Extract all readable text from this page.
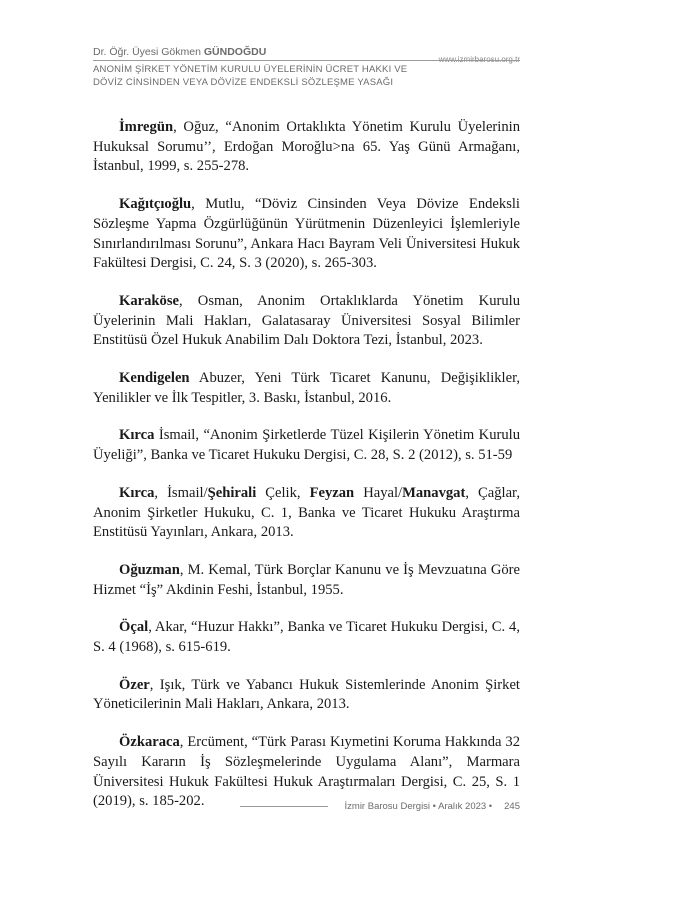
Dr. Öğr. Üyesi Gökmen GÜNDOĞDU
www.izmirbarosu.org.tr
ANONİM ŞİRKET YÖNETİM KURULU ÜYELERİNİN ÜCRET HAKKI VE
DÖVİZ CİNSİNDEN VEYA DÖVİZE ENDEKSLİ SÖZLEŞME YASAĞI

İmregün, Oğuz, “Anonim Ortaklıkta Yönetim Kurulu Üyelerinin Hukuksal Sorumu’’, Erdoğan Moroğlu>na 65. Yaş Günü Armağanı, İstanbul, 1999, s. 255-278.

Kağıtçıoğlu, Mutlu, “Döviz Cinsinden Veya Dövize Endeksli Sözleşme Yapma Özgürlüğünün Yürütmenin Düzenleyici İşlemleriyle Sınırlandırılması Sorunu”, Ankara Hacı Bayram Veli Üniversitesi Hukuk Fakültesi Dergisi, C. 24, S. 3 (2020), s. 265-303.

Karaköse, Osman, Anonim Ortaklıklarda Yönetim Kurulu Üyelerinin Mali Hakları, Galatasaray Üniversitesi Sosyal Bilimler Enstitüsü Özel Hukuk Anabilim Dalı Doktora Tezi, İstanbul, 2023.

Kendigelen Abuzer, Yeni Türk Ticaret Kanunu, Değişiklikler, Yenilikler ve İlk Tespitler, 3. Baskı, İstanbul, 2016.

Kırca İsmail, “Anonim Şirketlerde Tüzel Kişilerin Yönetim Kurulu Üyeliği”, Banka ve Ticaret Hukuku Dergisi, C. 28, S. 2 (2012), s. 51-59

Kırca, İsmail/Şehirali Çelik, Feyzan Hayal/Manavgat, Çağlar, Anonim Şirketler Hukuku, C. 1, Banka ve Ticaret Hukuku Araştırma Enstitüsü Yayınları, Ankara, 2013.

Oğuzman, M. Kemal, Türk Borçlar Kanunu ve İş Mevzuatına Göre Hizmet “İş” Akdinin Feshi, İstanbul, 1955.

Öçal, Akar, “Huzur Hakkı”, Banka ve Ticaret Hukuku Dergisi, C. 4, S. 4 (1968), s. 615-619.

Özer, Işık, Türk ve Yabancı Hukuk Sistemlerinde Anonim Şirket Yöneticilerinin Mali Hakları, Ankara, 2013.

Özkaraca, Ercüment, “Türk Parası Kıymetini Koruma Hakkında 32 Sayılı Kararın İş Sözleşmelerinde Uygulama Alanı”, Marmara Üniversitesi Hukuk Fakültesi Hukuk Araştırmaları Dergisi, C. 25, S. 1 (2019), s. 185-202.	İzmir Barosu Dergisi • Aralık 2023 • 245
